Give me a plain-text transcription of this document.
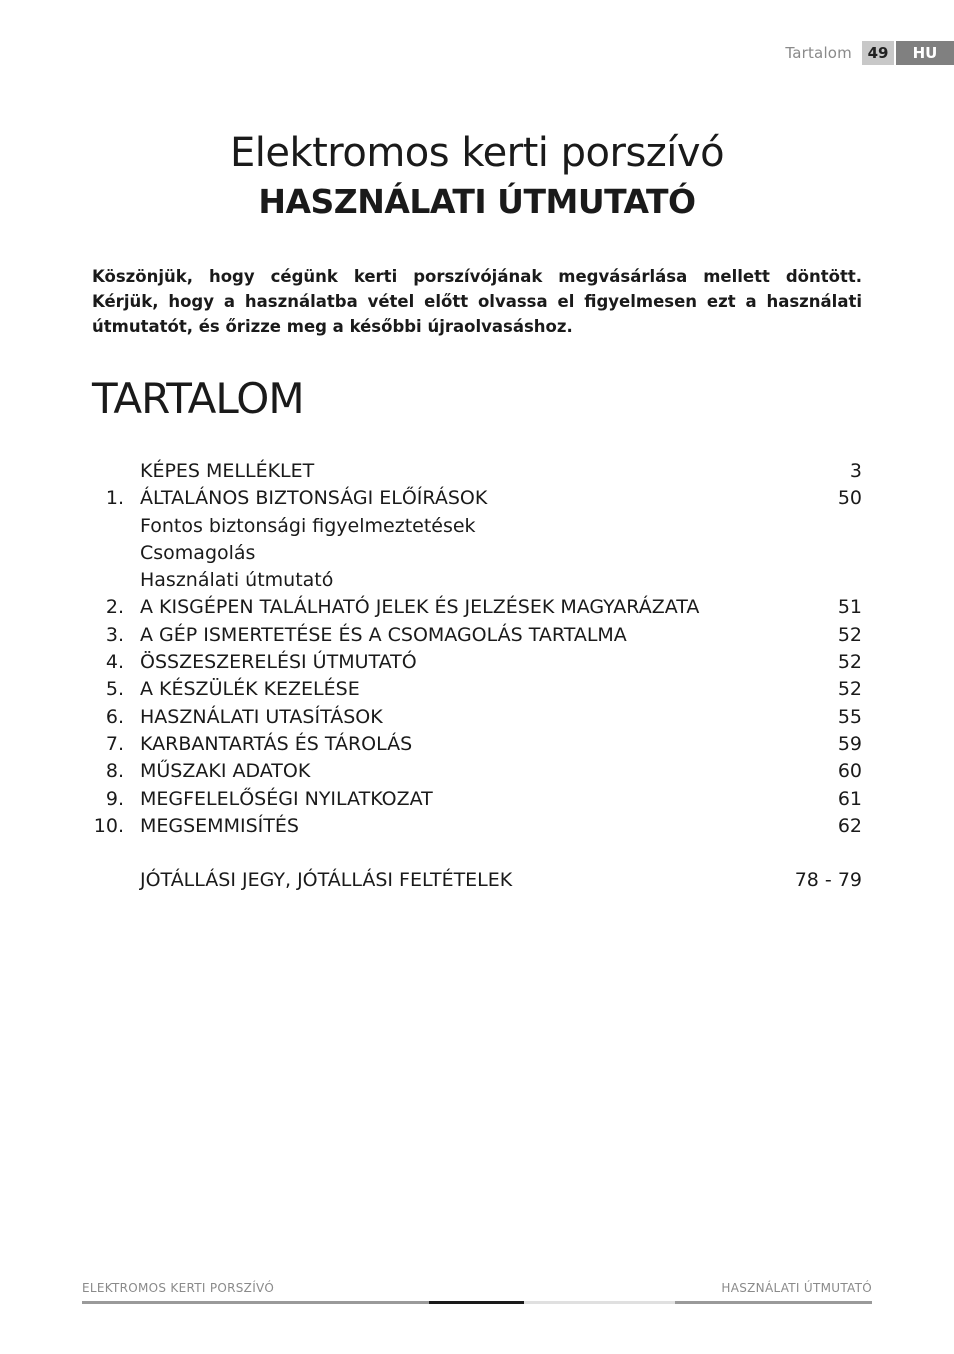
Tartalom	49	HU
Elektromos kerti porszívó
HASZNÁLATI ÚTMUTATÓ
Köszönjük, hogy cégünk kerti porszívójának megvásárlása mellett döntött. Kérjük, hogy a használatba vétel előtt olvassa el figyelmesen ezt a használati útmutatót, és őrizze meg a későbbi újraolvasáshoz.
TARTALOM
KÉPES MELLÉKLET	3
1. ÁLTALÁNOS BIZTONSÁGI ELŐÍRÁSOK	50
Fontos biztonsági figyelmeztetések
Csomagolás
Használati útmutató
2. A KISGÉPEN TALÁLHATÓ JELEK ÉS JELZÉSEK MAGYARÁZATA	51
3. A GÉP ISMERTETÉSE ÉS A CSOMAGOLÁS TARTALMA	52
4. ÖSSZESZERELÉSI ÚTMUTATÓ	52
5. A KÉSZÜLÉK KEZELÉSE	52
6. HASZNÁLATI UTASÍTÁSOK	55
7. KARBANTARTÁS ÉS TÁROLÁS	59
8. MŰSZAKI ADATOK	60
9. MEGFELELŐSÉGI NYILATKOZAT	61
10. MEGSEMMISÍTÉS	62
JÓTÁLLÁSI JEGY, JÓTÁLLÁSI FELTÉTELEK	78 - 79
ELEKTROMOS KERTI PORSZÍVÓ	HASZNÁLATI ÚTMUTATÓ
